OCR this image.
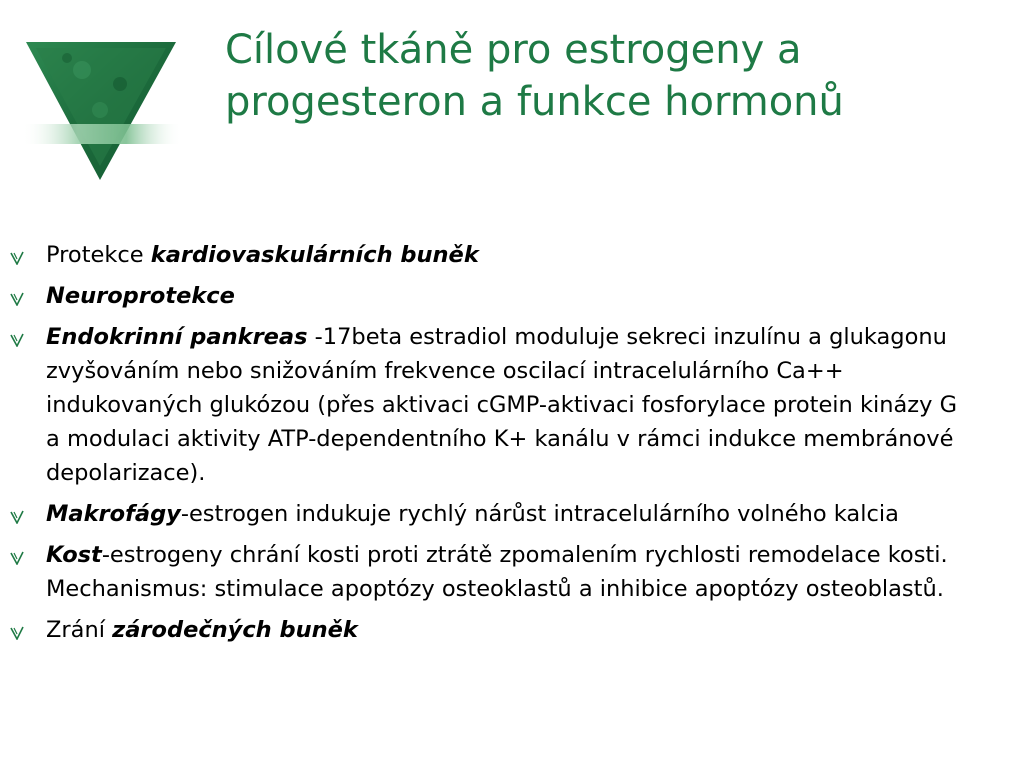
Cílové tkáně pro estrogeny a
progesteron a funkce hormonů
Protekce kardiovaskulárních buněk
Neuroprotekce
Endokrinní pankreas -17beta estradiol moduluje sekreci inzulínu a glukagonu zvyšováním nebo snižováním frekvence oscilací intracelulárního Ca++ indukovaných glukózou (přes aktivaci cGMP-aktivaci fosforylace protein kinázy G a modulaci aktivity ATP-dependentního K+ kanálu v rámci indukce membránové depolarizace).
Makrofágy-estrogen indukuje rychlý nárůst intracelulárního volného kalcia
Kost-estrogeny chrání kosti proti ztrátě zpomalením rychlosti remodelace kosti. Mechanismus: stimulace apoptózy osteoklastů a inhibice apoptózy osteoblastů.
Zrání zárodečných buněk
